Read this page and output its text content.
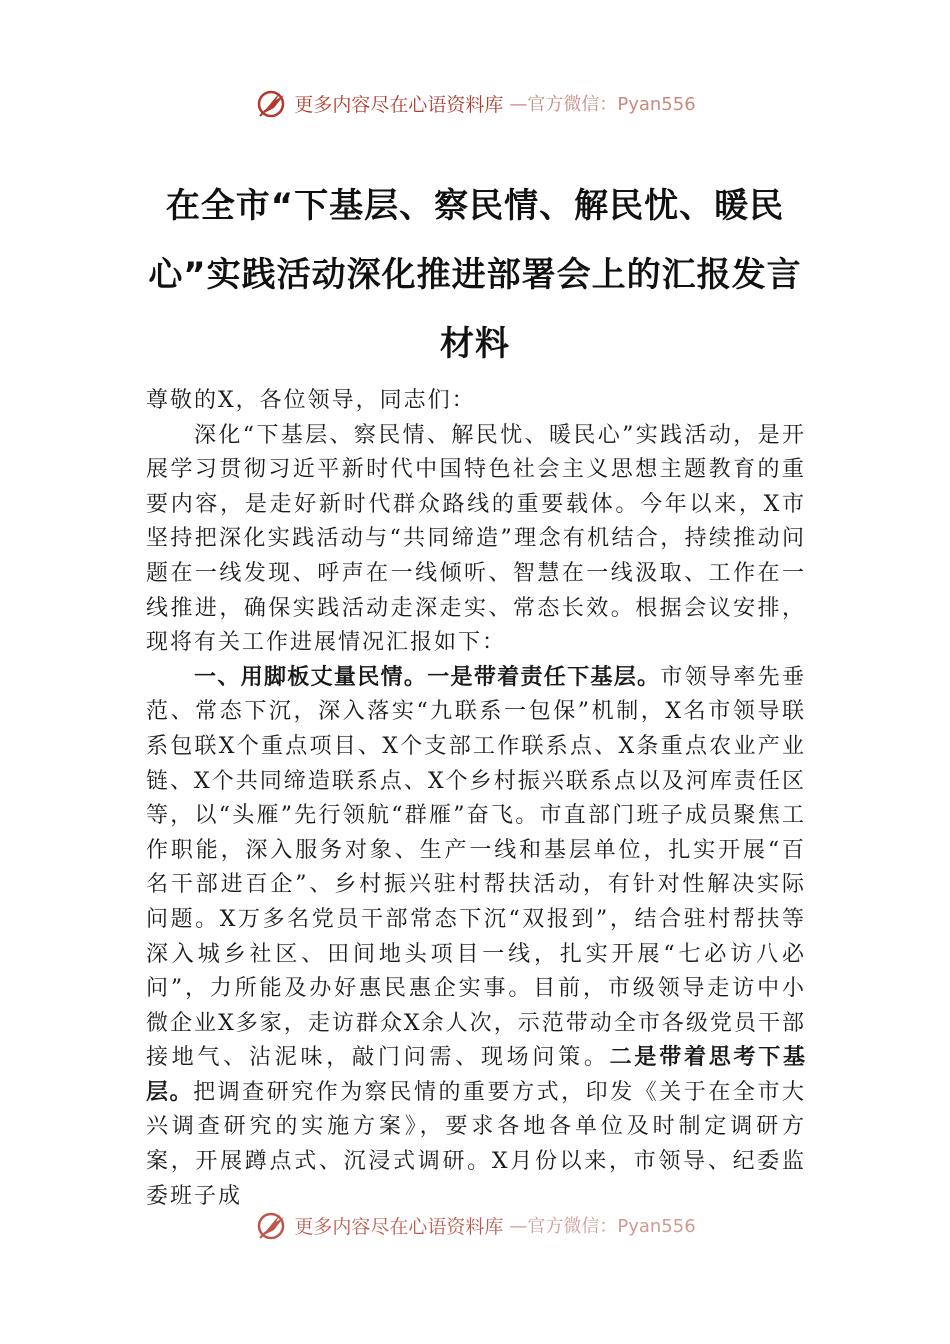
更多内容尽在心语资料库 —官方微信：Pyan556
在全市“下基层、察民情、解民忧、暖民心”实践活动深化推进部署会上的汇报发言材料

尊敬的X，各位领导，同志们：

深化“下基层、察民情、解民忧、暖民心”实践活动，是开展学习贯彻习近平新时代中国特色社会主义思想主题教育的重要内容，是走好新时代群众路线的重要载体。今年以来，X市坚持把深化实践活动与“共同缔造”理念有机结合，持续推动问题在一线发现、呼声在一线倾听、智慧在一线汲取、工作在一线推进，确保实践活动走深走实、常态长效。根据会议安排，现将有关工作进展情况汇报如下：

一、用脚板丈量民情。一是带着责任下基层。市领导率先垂范、常态下沉，深入落实“九联系一包保”机制，X名市领导联系包联X个重点项目、X个支部工作联系点、X条重点农业产业链、X个共同缔造联系点、X个乡村振兴联系点以及河库责任区等，以“头雁”先行领航“群雁”奋飞。市直部门班子成员聚焦工作职能，深入服务对象、生产一线和基层单位，扎实开展“百名干部进百企”、乡村振兴驻村帮扶活动，有针对性解决实际问题。X万多名党员干部常态下沉“双报到”，结合驻村帮扶等深入城乡社区、田间地头项目一线，扎实开展“七必访八必问”，力所能及办好惠民惠企实事。目前，市级领导走访中小微企业X多家，走访群众X余人次，示范带动全市各级党员干部接地气、沾泥味，敲门问需、现场问策。二是带着思考下基层。把调查研究作为察民情的重要方式，印发《关于在全市大兴调查研究的实施方案》，要求各地各单位及时制定调研方案，开展蹲点式、沉浸式调研。X月份以来，市领导、纪委监委班子成

更多内容尽在心语资料库 —官方微信：Pyan556
